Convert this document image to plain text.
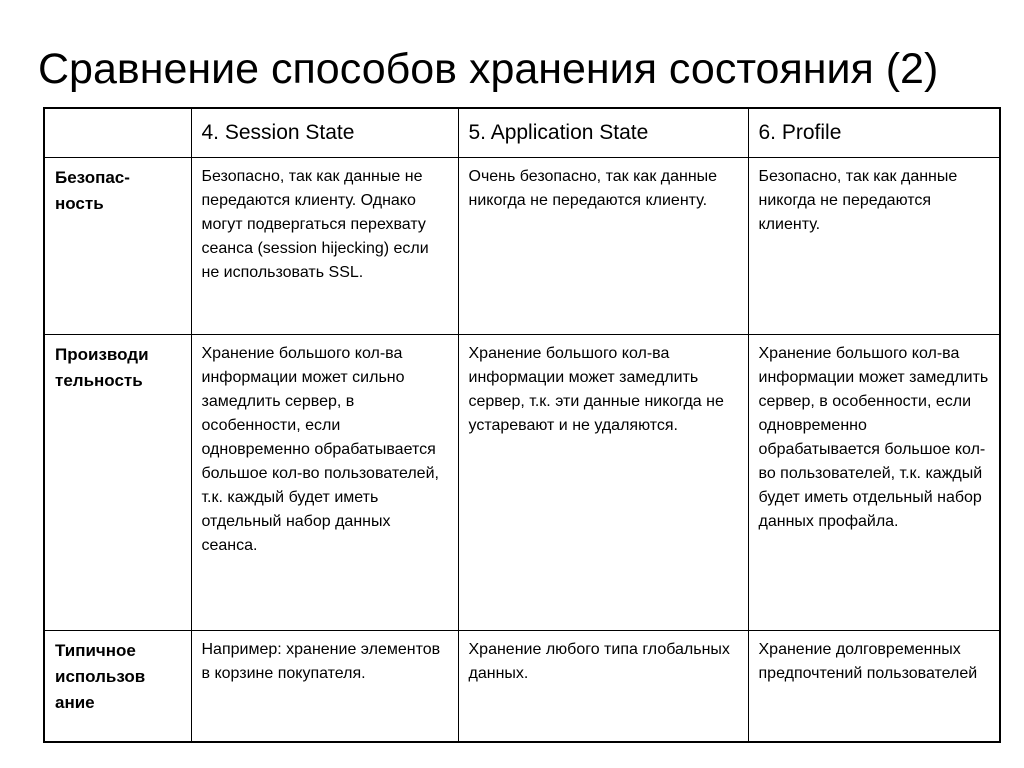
Сравнение способов хранения состояния (2)
	4. Session State	5. Application State	6. Profile
Безопас-
ность	Безопасно, так как данные не передаются клиенту. Однако могут подвергаться перехвату сеанса (session hijecking) если не использовать SSL.	Очень безопасно, так как данные никогда не передаются клиенту.	Безопасно, так как данные никогда не передаются клиенту.
Производи
тельность	Хранение большого кол-ва информации может сильно замедлить сервер, в особенности, если одновременно обрабатывается большое кол-во пользователей, т.к. каждый будет иметь отдельный набор данных сеанса.	Хранение большого кол-ва информации может замедлить сервер, т.к. эти данные никогда не устаревают и не удаляются.	Хранение большого кол-ва информации может замедлить сервер, в особенности, если одновременно обрабатывается большое кол-во пользователей, т.к. каждый будет иметь отдельный набор данных профайла.
Типичное
использов
ание	Например: хранение элементов в корзине покупателя.	Хранение любого типа глобальных данных.	Хранение долговременных предпочтений пользователей
